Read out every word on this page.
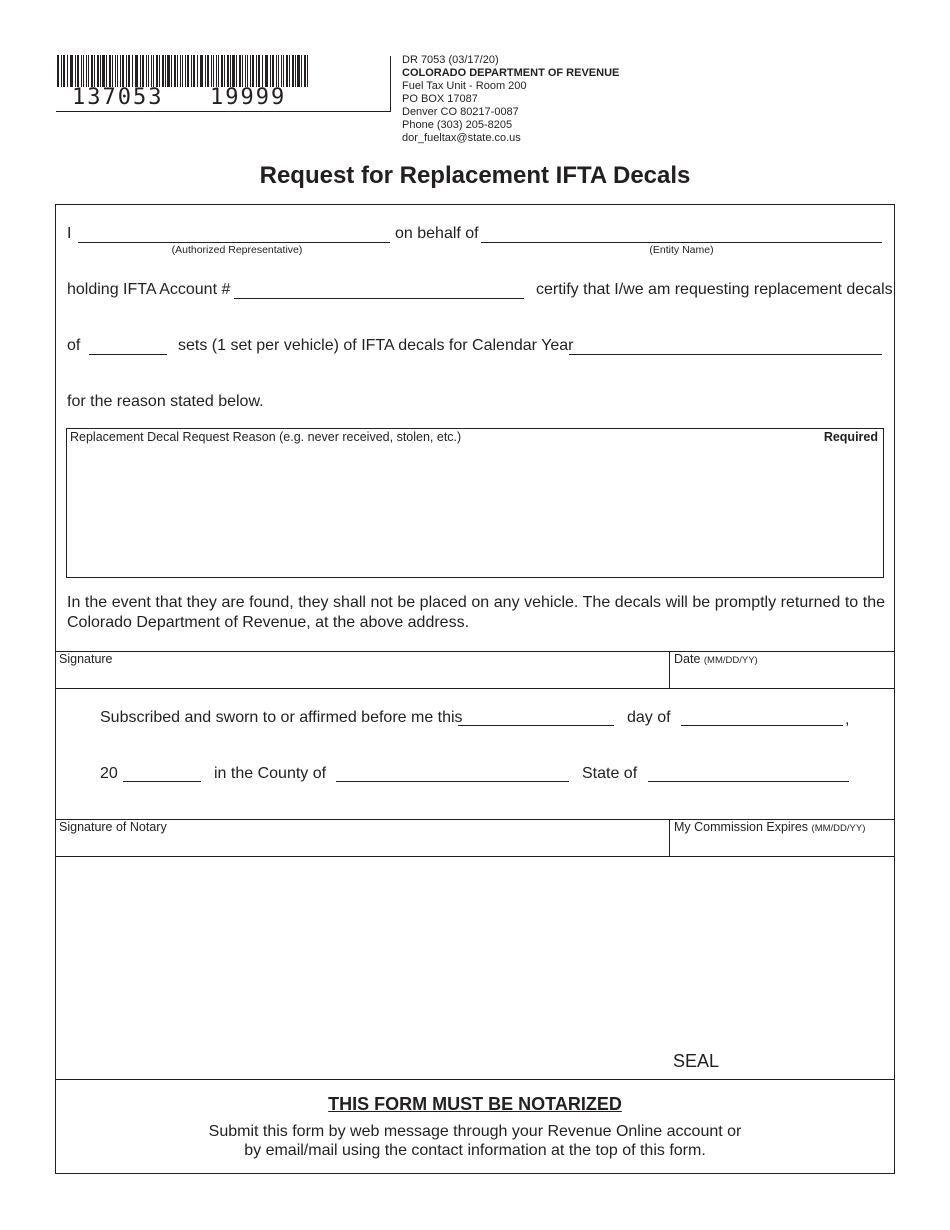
137053 19999
DR 7053 (03/17/20)
COLORADO DEPARTMENT OF REVENUE
Fuel Tax Unit - Room 200
PO BOX 17087
Denver CO 80217-0087
Phone (303) 205-8205
dor_fueltax@state.co.us
Request for Replacement IFTA Decals
I
(Authorized Representative)
on behalf of
(Entity Name)
holding IFTA Account #	certify that I/we am requesting replacement decals
of	sets (1 set per vehicle) of IFTA decals for Calendar Year
for the reason stated below.
Replacement Decal Request Reason (e.g. never received, stolen, etc.)	Required
In the event that they are found, they shall not be placed on any vehicle. The decals will be promptly returned to the Colorado Department of Revenue, at the above address.
Signature	Date (MM/DD/YY)
Subscribed and sworn to or affirmed before me this	day of	,
20	in the County of	State of
Signature of Notary	My Commission Expires (MM/DD/YY)
SEAL
THIS FORM MUST BE NOTARIZED
Submit this form by web message through your Revenue Online account or
by email/mail using the contact information at the top of this form.
